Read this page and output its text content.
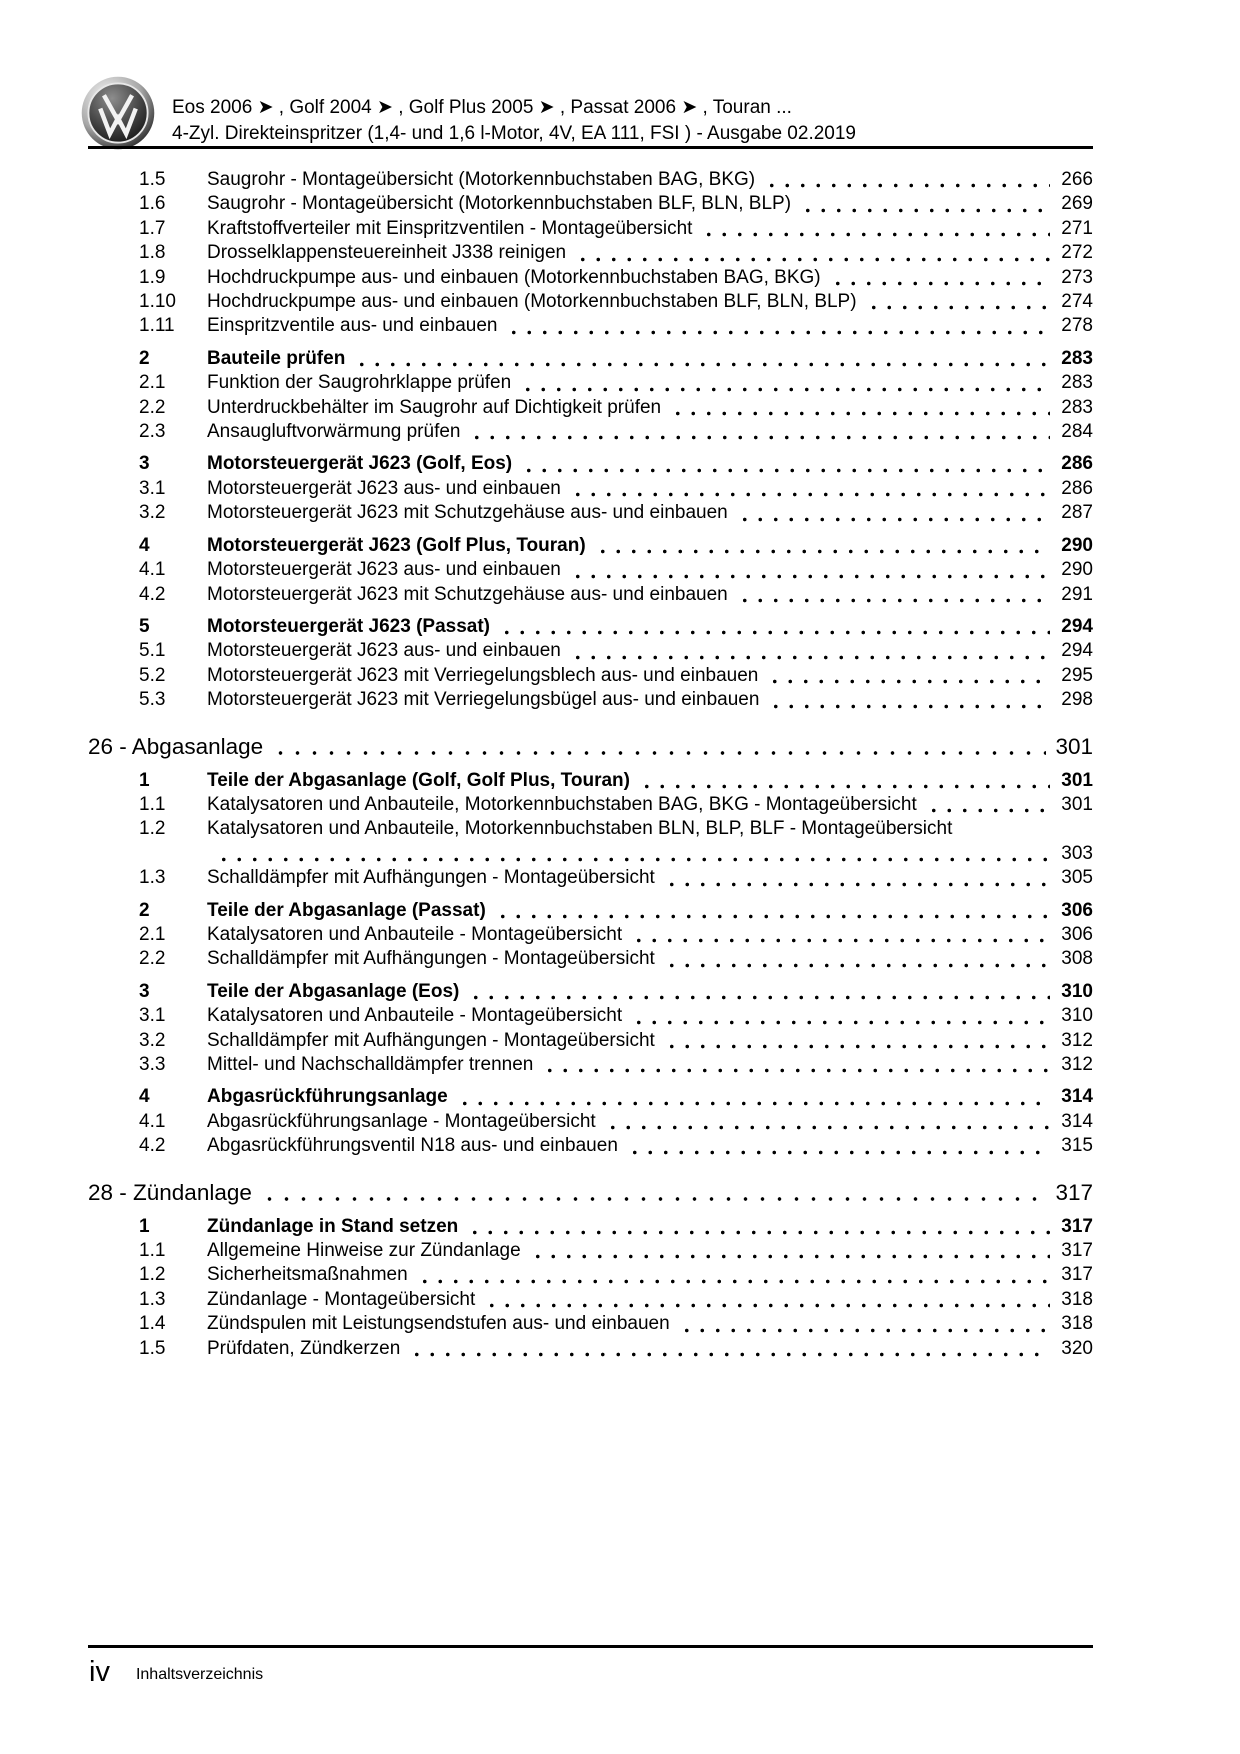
Eos 2006 ➤ , Golf 2004 ➤ , Golf Plus 2005 ➤ , Passat 2006 ➤ , Touran ...
4-Zyl. Direkteinspritzer (1,4- und 1,6 l-Motor, 4V, EA 111, FSI ) - Ausgabe 02.2019
1.5	Saugrohr - Montageübersicht (Motorkennbuchstaben BAG, BKG)	266
1.6	Saugrohr - Montageübersicht (Motorkennbuchstaben BLF, BLN, BLP)	269
1.7	Kraftstoffverteiler mit Einspritzventilen - Montageübersicht	271
1.8	Drosselklappensteuereinheit J338 reinigen	272
1.9	Hochdruckpumpe aus- und einbauen (Motorkennbuchstaben BAG, BKG)	273
1.10	Hochdruckpumpe aus- und einbauen (Motorkennbuchstaben BLF, BLN, BLP)	274
1.11	Einspritzventile aus- und einbauen	278
2	Bauteile prüfen	283
2.1	Funktion der Saugrohrklappe prüfen	283
2.2	Unterdruckbehälter im Saugrohr auf Dichtigkeit prüfen	283
2.3	Ansaugluftvorwärmung prüfen	284
3	Motorsteuergerät J623 (Golf, Eos)	286
3.1	Motorsteuergerät J623 aus- und einbauen	286
3.2	Motorsteuergerät J623 mit Schutzgehäuse aus- und einbauen	287
4	Motorsteuergerät J623 (Golf Plus, Touran)	290
4.1	Motorsteuergerät J623 aus- und einbauen	290
4.2	Motorsteuergerät J623 mit Schutzgehäuse aus- und einbauen	291
5	Motorsteuergerät J623 (Passat)	294
5.1	Motorsteuergerät J623 aus- und einbauen	294
5.2	Motorsteuergerät J623 mit Verriegelungsblech aus- und einbauen	295
5.3	Motorsteuergerät J623 mit Verriegelungsbügel aus- und einbauen	298
26 - Abgasanlage	301
1	Teile der Abgasanlage (Golf, Golf Plus, Touran)	301
1.1	Katalysatoren und Anbauteile, Motorkennbuchstaben BAG, BKG - Montageübersicht	301
1.2	Katalysatoren und Anbauteile, Motorkennbuchstaben BLN, BLP, BLF - Montageübersicht
303
1.3	Schalldämpfer mit Aufhängungen - Montageübersicht	305
2	Teile der Abgasanlage (Passat)	306
2.1	Katalysatoren und Anbauteile - Montageübersicht	306
2.2	Schalldämpfer mit Aufhängungen - Montageübersicht	308
3	Teile der Abgasanlage (Eos)	310
3.1	Katalysatoren und Anbauteile - Montageübersicht	310
3.2	Schalldämpfer mit Aufhängungen - Montageübersicht	312
3.3	Mittel- und Nachschalldämpfer trennen	312
4	Abgasrückführungsanlage	314
4.1	Abgasrückführungsanlage - Montageübersicht	314
4.2	Abgasrückführungsventil N18 aus- und einbauen	315
28 - Zündanlage	317
1	Zündanlage in Stand setzen	317
1.1	Allgemeine Hinweise zur Zündanlage	317
1.2	Sicherheitsmaßnahmen	317
1.3	Zündanlage - Montageübersicht	318
1.4	Zündspulen mit Leistungsendstufen aus- und einbauen	318
1.5	Prüfdaten, Zündkerzen	320
iv Inhaltsverzeichnis
